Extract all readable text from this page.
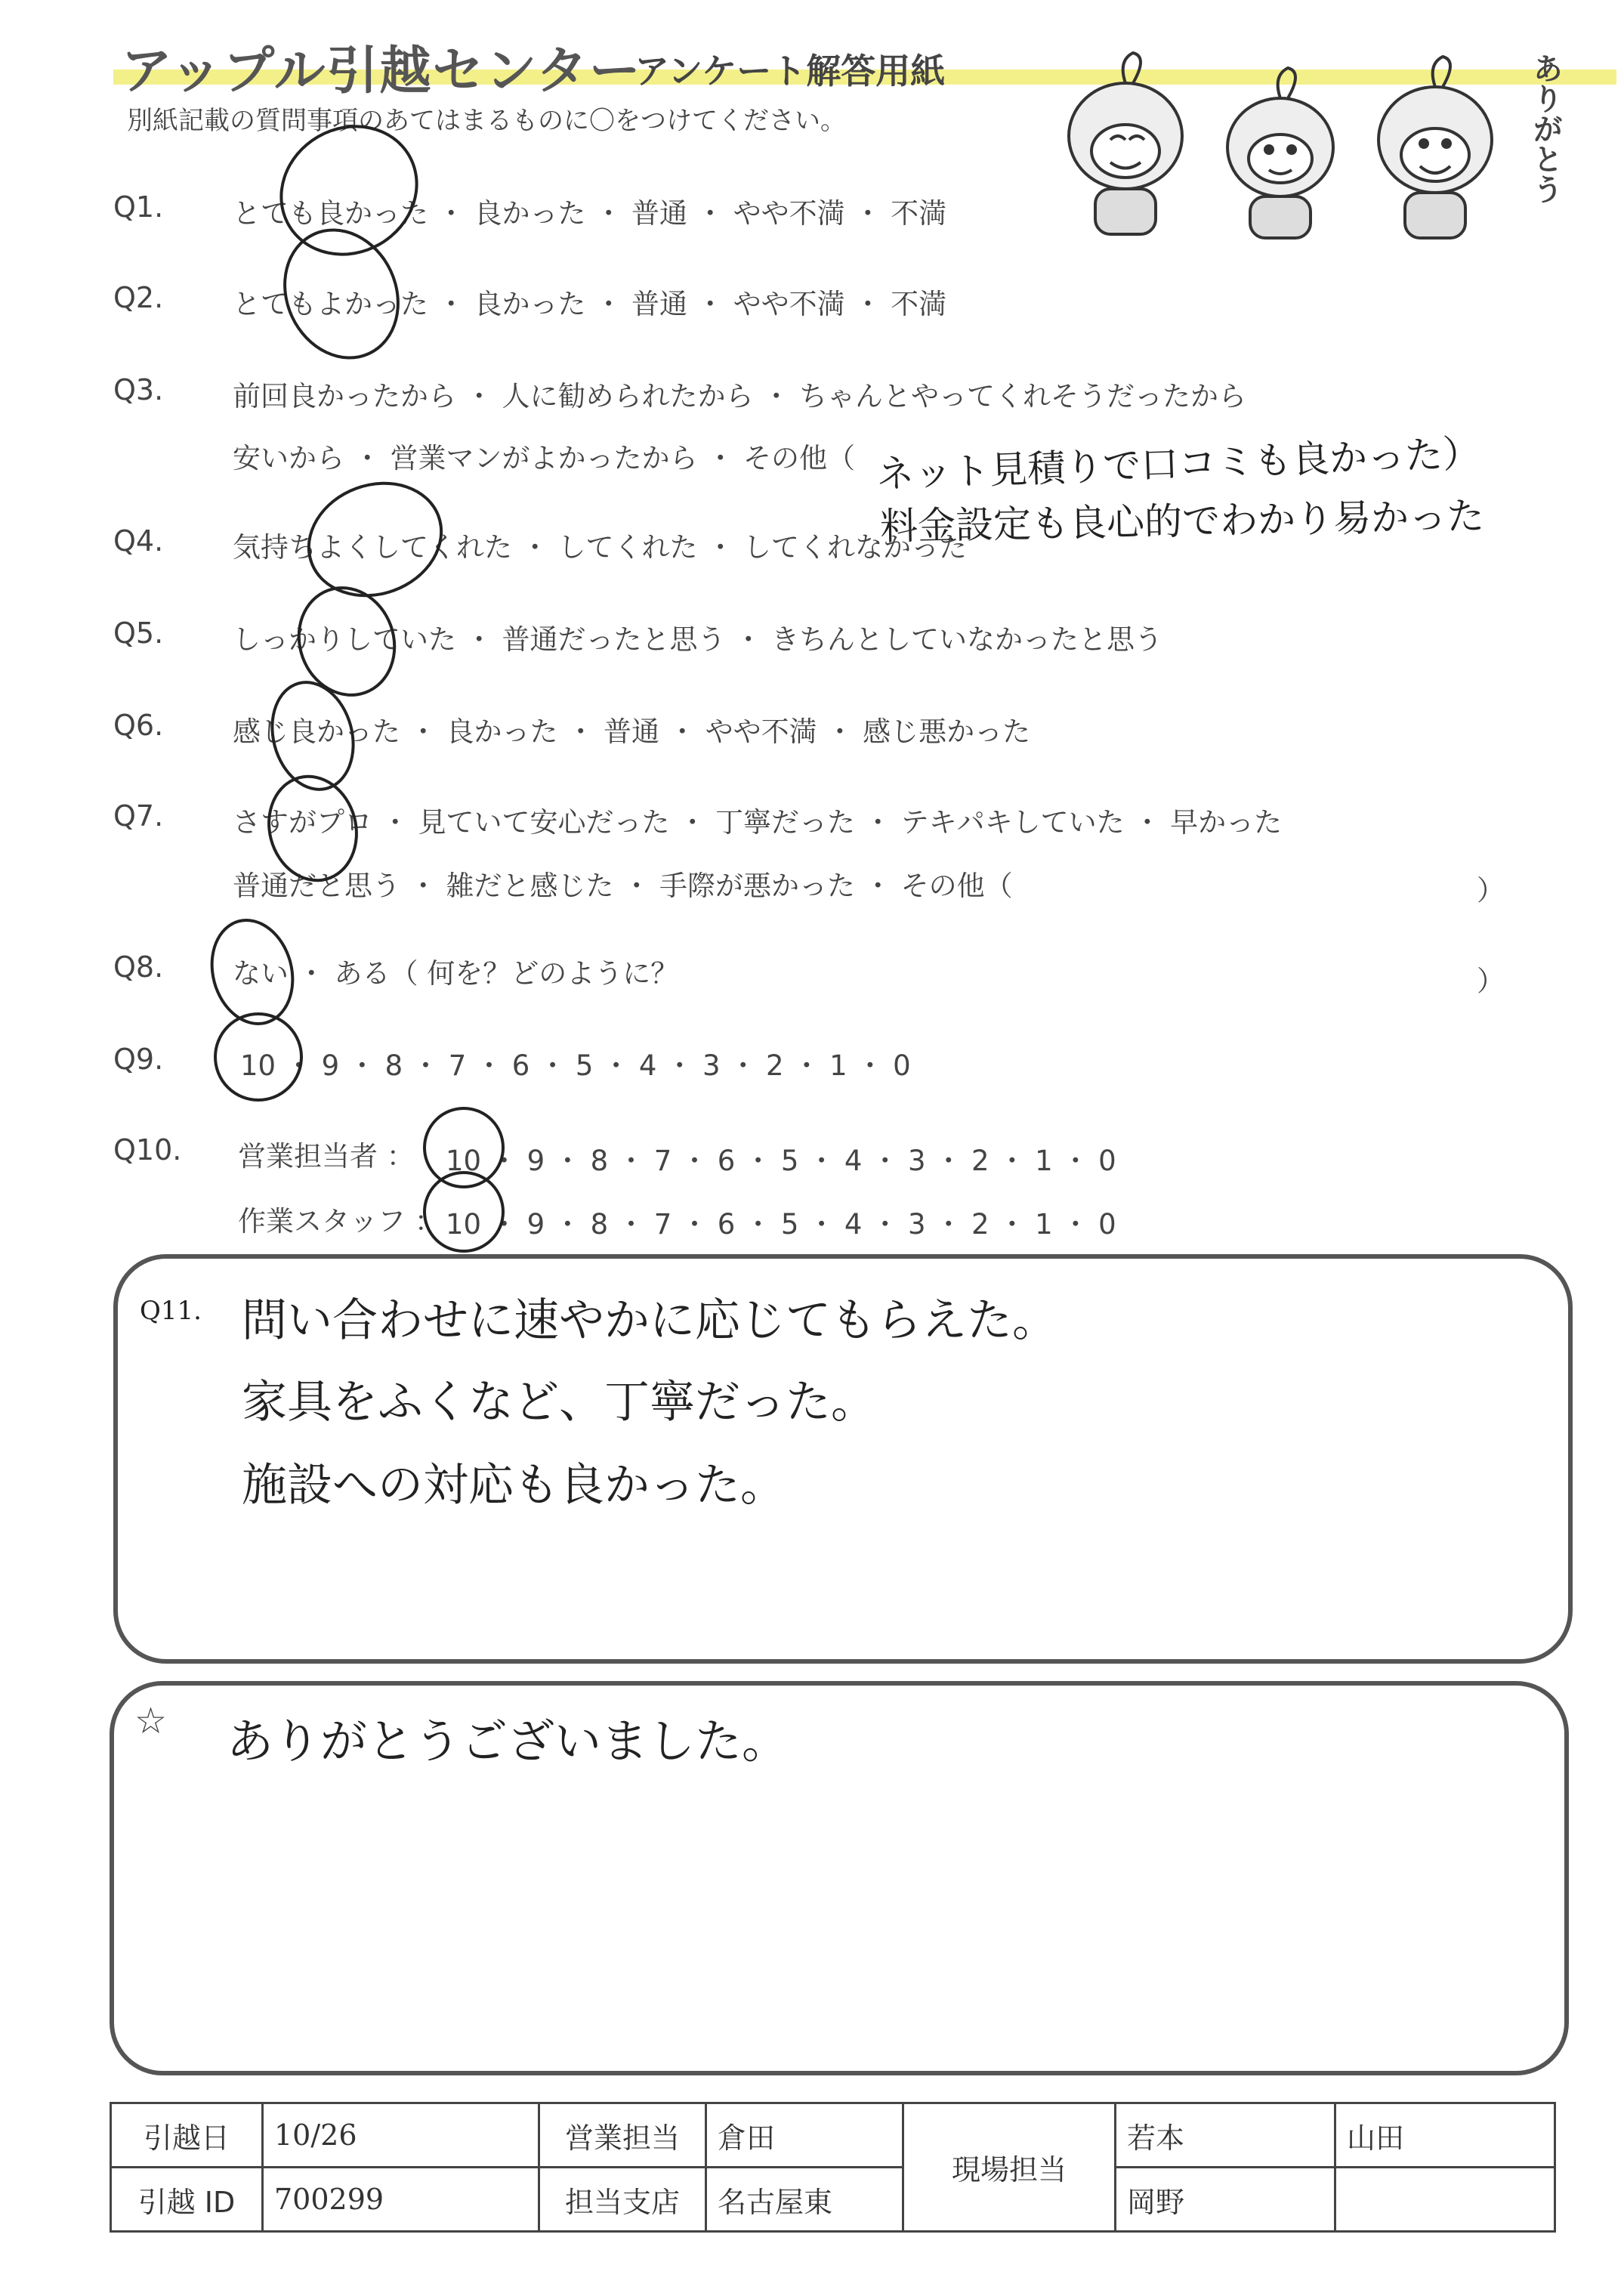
アップル引越センター
アンケート解答用紙
別紙記載の質問事項のあてはまるものに〇をつけてください。	ありがとう
Q1. とても良かった ・ 良かった ・ 普通 ・ やや不満 ・ 不満
Q2. とてもよかった ・ 良かった ・ 普通 ・ やや不満 ・ 不満
Q3. 前回良かったから ・ 人に勧められたから ・ ちゃんとやってくれそうだったから
安いから ・ 営業マンがよかったから ・ その他（ ネット見積りで口コミも良かった）
料金設定も良心的でわかり易かった
Q4. 気持ちよくしてくれた ・ してくれた ・ してくれなかった
Q5. しっかりしていた ・ 普通だったと思う ・ きちんとしていなかったと思う
Q6. 感じ良かった ・ 良かった ・ 普通 ・ やや不満 ・ 感じ悪かった
Q7. さすがプロ ・ 見ていて安心だった ・ 丁寧だった ・ テキパキしていた ・ 早かった
普通だと思う ・ 雑だと感じた ・ 手際が悪かった ・ その他（	）
Q8. ない ・ ある（ 何を？どのように？	）
Q9.	10 ・ 9 ・ 8 ・ 7 ・ 6 ・ 5 ・ 4 ・ 3 ・ 2 ・ 1 ・ 0
Q10. 営業担当者 ： 10 ・ 9 ・ 8 ・ 7 ・ 6 ・ 5 ・ 4 ・ 3 ・ 2 ・ 1 ・ 0
作業スタッフ ： 10 ・ 9 ・ 8 ・ 7 ・ 6 ・ 5 ・ 4 ・ 3 ・ 2 ・ 1 ・ 0
Q11. 問い合わせに速やかに応じてもらえた。
家具をふくなど、丁寧だった。
施設への対応も良かった。
☆ ありがとうございました。
引越日	10/26	営業担当	倉田	現場担当	若本	山田
引越 ID	700299	担当支店	名古屋東		岡野	
